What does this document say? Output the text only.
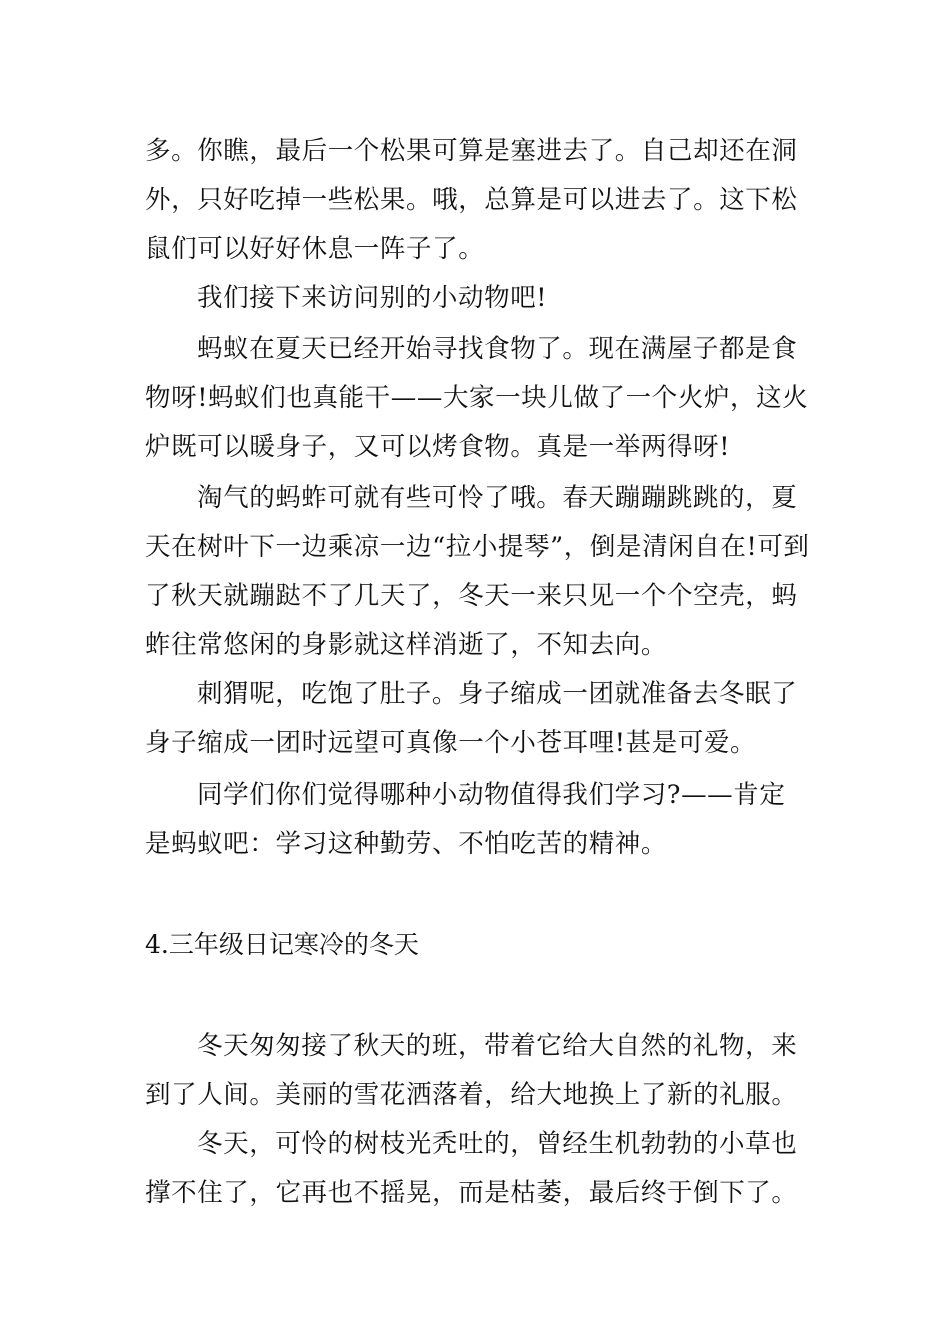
多。你瞧，最后一个松果可算是塞进去了。自己却还在洞外，只好吃掉一些松果。哦，总算是可以进去了。这下松鼠们可以好好休息一阵子了。

我们接下来访问别的小动物吧!

蚂蚁在夏天已经开始寻找食物了。现在满屋子都是食物呀!蚂蚁们也真能干——大家一块儿做了一个火炉，这火炉既可以暖身子，又可以烤食物。真是一举两得呀!

淘气的蚂蚱可就有些可怜了哦。春天蹦蹦跳跳的，夏天在树叶下一边乘凉一边“拉小提琴”，倒是清闲自在!可到了秋天就蹦跶不了几天了，冬天一来只见一个个空壳，蚂蚱往常悠闲的身影就这样消逝了，不知去向。

刺猬呢，吃饱了肚子。身子缩成一团就准备去冬眠了身子缩成一团时远望可真像一个小苍耳哩!甚是可爱。

同学们你们觉得哪种小动物值得我们学习?——肯定是蚂蚁吧：学习这种勤劳、不怕吃苦的精神。

4.三年级日记寒冷的冬天

冬天匆匆接了秋天的班，带着它给大自然的礼物，来到了人间。美丽的雪花洒落着，给大地换上了新的礼服。

冬天，可怜的树枝光秃吐的，曾经生机勃勃的小草也撑不住了，它再也不摇晃，而是枯萎，最后终于倒下了。
